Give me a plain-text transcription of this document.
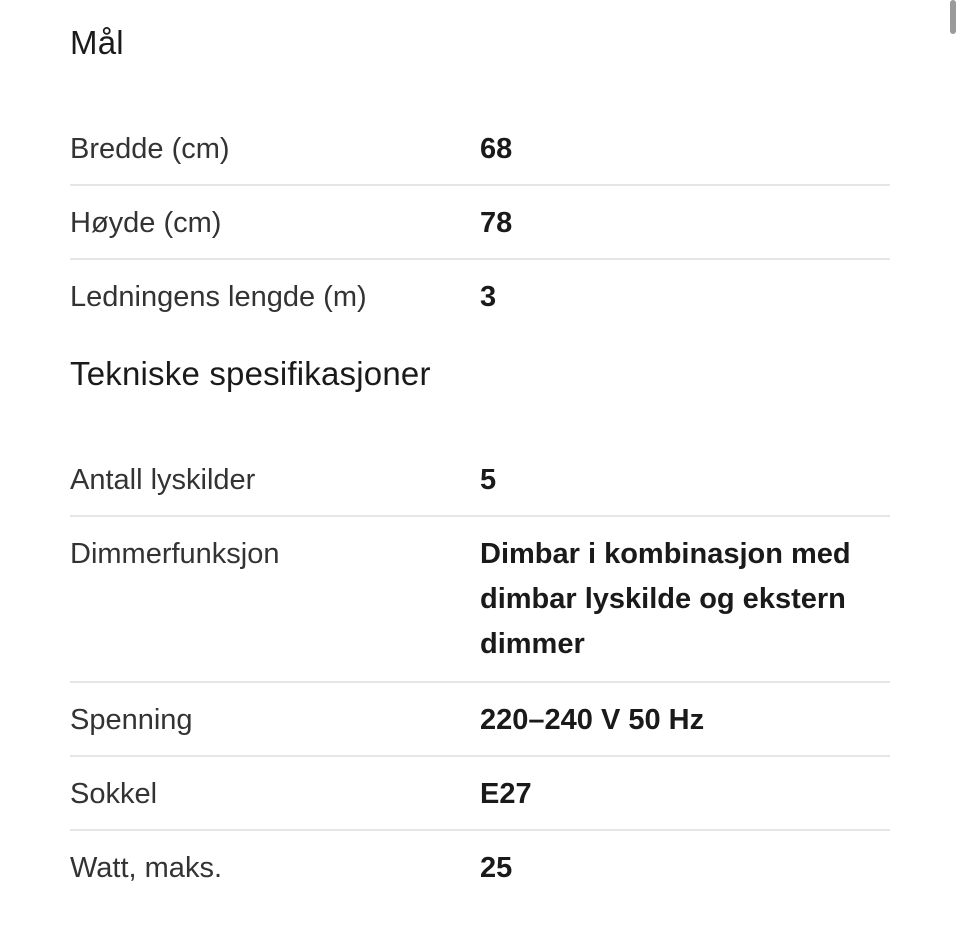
Mål
Bredde (cm)	68
Høyde (cm)	78
Ledningens lengde (m)	3
Tekniske spesifikasjoner
Antall lyskilder	5
Dimmerfunksjon	Dimbar i kombinasjon med dimbar lyskilde og ekstern dimmer
Spenning	220–240 V 50 Hz
Sokkel	E27
Watt, maks.	25
